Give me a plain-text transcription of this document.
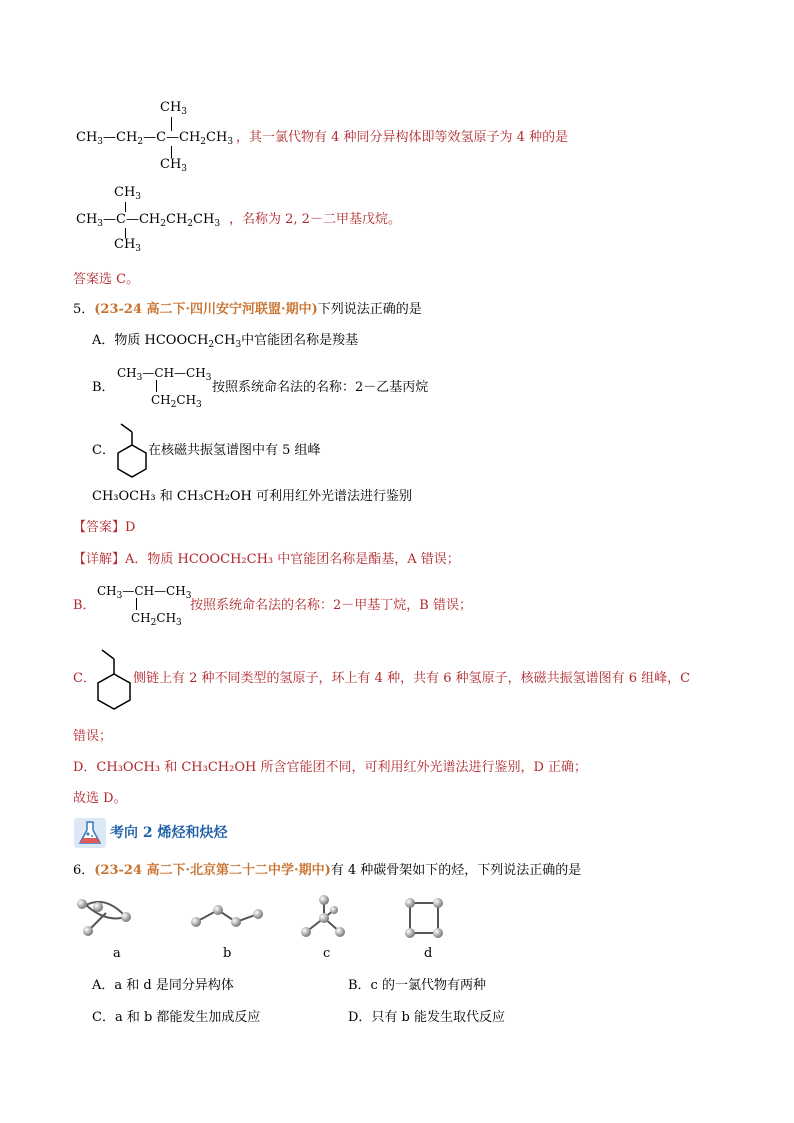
$CH_3$
$CH_3—CH_2—C—CH_2CH_3$
$CH_3$
，其一氯代物有 4 种同分异构体即等效氢原子为 4 种的是
$CH_3$
$CH_3—C—CH_2CH_2CH_3$
$CH_3$
，名称为 2, 2－二甲基戊烷。
答案选 C。
5．(23-24 高二下·四川安宁河联盟·期中)下列说法正确的是
A．物质 $HCOOCH_2CH_3$中官能团名称是羧基
B．
$CH_3—CH—CH_3$
$CH_2CH_3$
按照系统命名法的名称：2－乙基丙烷
C．	在核磁共振氢谱图中有 5 组峰
CH₃OCH₃ 和 CH₃CH₂OH 可利用红外光谱法进行鉴别
【答案】D
【详解】A．物质 HCOOCH₂CH₃ 中官能团名称是酯基，A 错误；
B．
$CH_3—CH—CH_3$
$CH_2CH_3$
按照系统命名法的名称：2－甲基丁烷，B 错误；
C．	侧链上有 2 种不同类型的氢原子，环上有 4 种，共有 6 种氢原子，核磁共振氢谱图有 6 组峰，C
错误；
D．CH₃OCH₃ 和 CH₃CH₂OH 所含官能团不同，可利用红外光谱法进行鉴别，D 正确；
故选 D。
考向 2 烯烃和炔烃
6．(23-24 高二下·北京第二十二中学·期中)有 4 种碳骨架如下的烃，下列说法正确的是
a	b	c	d
A．a 和 d 是同分异构体	B．c 的一氯代物有两种
C．a 和 b 都能发生加成反应	D．只有 b 能发生取代反应
